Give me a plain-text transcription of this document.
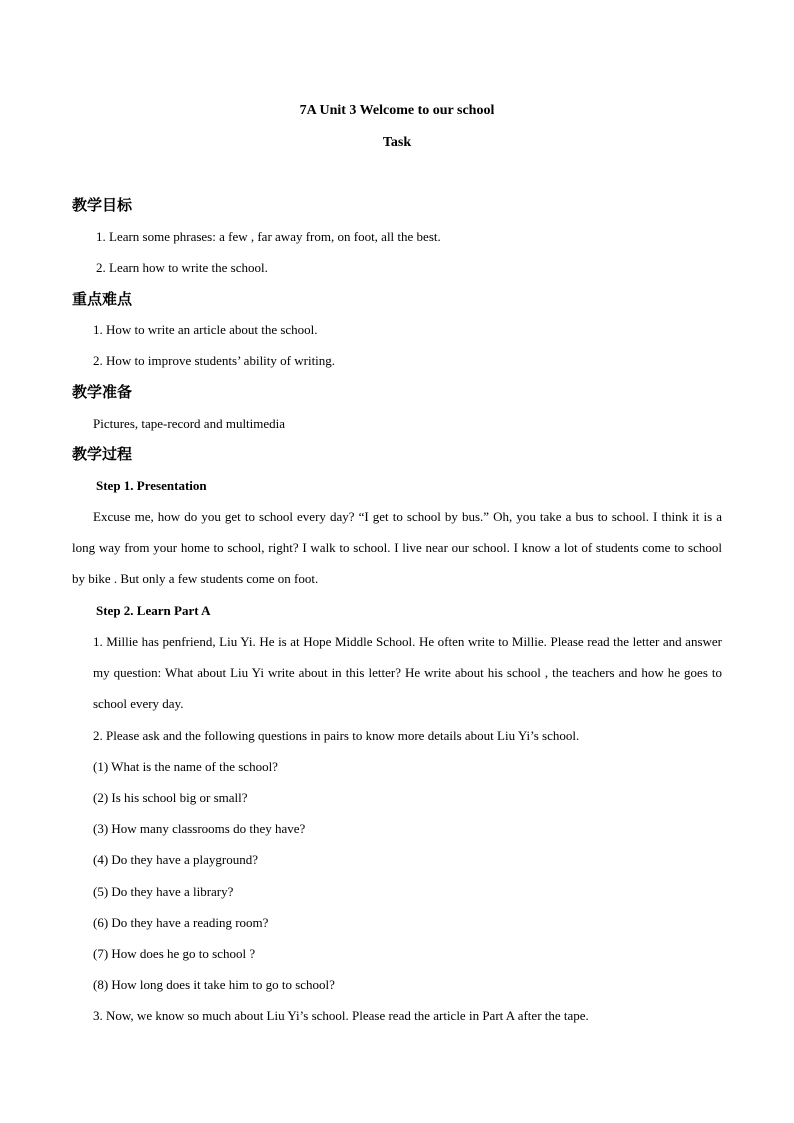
7A Unit 3 Welcome to our school
Task
教学目标
1. Learn some phrases: a few , far away from, on foot, all the best.
2. Learn how to write the school.
重点难点
1. How to write an article about the school.
2. How to improve students’ ability of writing.
教学准备
Pictures, tape-record and multimedia
教学过程
Step 1. Presentation
Excuse me, how do you get to school every day? “I get to school by bus.” Oh, you take a bus to school. I think it is a long way from your home to school, right? I walk to school. I live near our school. I know a lot of students come to school by bike . But only a few students come on foot.
Step 2. Learn Part A
1. Millie has penfriend, Liu Yi. He is at Hope Middle School. He often write to Millie. Please read the letter and answer my question: What about Liu Yi write about in this letter? He write about his school , the teachers and how he goes to school every day.
2. Please ask and the following questions in pairs to know more details about Liu Yi’s school.
(1) What is the name of the school?
(2) Is his school big or small?
(3) How many classrooms do they have?
(4) Do they have a playground?
(5) Do they have a library?
(6) Do they have a reading room?
(7) How does he go to school ?
(8) How long does it take him to go to school?
3. Now, we know so much about Liu Yi’s school. Please read the article in Part A after the tape.
